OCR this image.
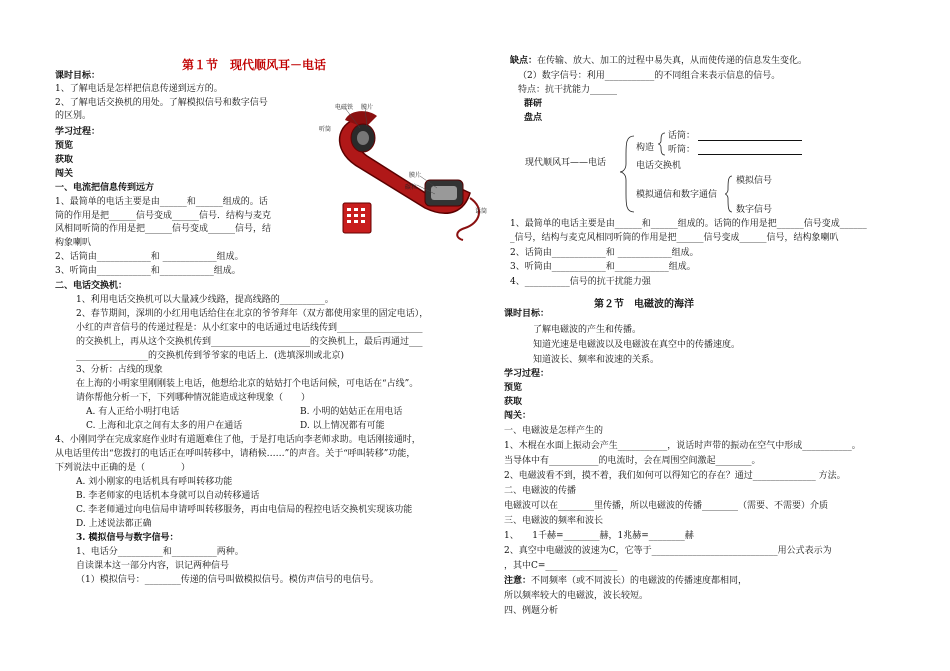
第１节　现代顺风耳－电话
课时目标：
1、了解电话是怎样把信息传递到远方的。
2、了解电话交换机的用处。了解模拟信号和数字信号
的区别。
学习过程：
预览
获取
闯关
一、电流把信息传到远方
1、最简单的电话主要是由______和______组成的。话
筒的作用是把______信号变成______信号．结构与麦克
风相同听筒的作用是把______信号变成______信号，结
构象喇叭
2、话筒由____________和 ____________组成。
3、听筒由____________和____________组成。
二、电话交换机：
1、利用电话交换机可以大量减少线路，提高线路的__________。
2、春节期间，深圳的小红用电话给住在北京的爷爷拜年（双方都使用家里的固定电话），
小红的声音信号的传递过程是：从小红家中的电话通过电话线传到___________________
的交换机上，再从这个交换机传到______________________的交换机上，最后再通过___
________________的交换机传到爷爷家的电话上．(选填深圳或北京)
3、分析：占线的现象
在上海的小明家里刚刚装上电话，他想给北京的姑姑打个电话问候，可电话在“占线”。
请你帮他分析一下，下列哪种情况能造成这种现象（　　）
A. 有人正给小明打电话	B. 小明的姑姑正在用电话
C. 上海和北京之间有太多的用户在通话	D. 以上情况都有可能
4、小刚同学在完成家庭作业时有道题难住了他，于是打电话向李老师求助。电话刚接通时，
从电话里传出“您拨打的电话正在呼叫转移中，请稍候……”的声音。关于“呼叫转移”功能，
下列说法中正确的是（　　　　）
A. 刘小刚家的电话机具有呼叫转移功能
B. 李老师家的电话机本身就可以自动转移通话
C. 李老师通过向电信局申请呼叫转移服务，再由电信局的程控电话交换机实现该功能
D. 上述说法都正确
3. 模拟信号与数字信号：
1、电话分__________和__________两种。
自读课本这一部分内容，识记两种信号
（1）模拟信号：________传递的信号叫做模拟信号。模仿声信号的电信号。
电磁铁 膜片
听筒
膜片
碳粒
话筒
缺点：在传输、放大、加工的过程中易失真，从而使传递的信息发生变化。
（2）数字信号：利用___________的不同组合来表示信息的信号。
特点：抗干扰能力______
群研
盘点
现代顺风耳——电话
构造
话筒：
听筒：
电话交换机
模拟通信和数字通信
模拟信号
数字信号
1、最简单的电话主要是由______和______组成的。话筒的作用是把______信号变成______
_信号，结构与麦克风相同听筒的作用是把______信号变成______信号，结构象喇叭
2、话筒由____________和 ____________组成。
3、听筒由____________和____________组成。
4、__________信号的抗干扰能力强
第２节　电磁波的海洋
课时目标：
了解电磁波的产生和传播。
知道光速是电磁波以及电磁波在真空中的传播速度。
知道波长、频率和波速的关系。
学习过程：
预览
获取
闯关：
一、电磁波是怎样产生的
1、木棍在水面上振动会产生___________，说话时声带的振动在空气中形成___________。
当导体中有___________的电流时，会在周围空间激起________。
2、电磁波看不到，摸不着，我们如何可以得知它的存在？通过______________ 方法。
二、电磁波的传播
电磁波可以在________里传播，所以电磁波的传播________（需要、不需要）介质
三、电磁波的频率和波长
1、　　1千赫=________赫，1兆赫=________赫
2、真空中电磁波的波速为C，它等于____________________________用公式表示为
，其中C=________________
注意：不同频率（或不同波长）的电磁波的传播速度都相同，
所以频率较大的电磁波，波长较短。
四、例题分析
